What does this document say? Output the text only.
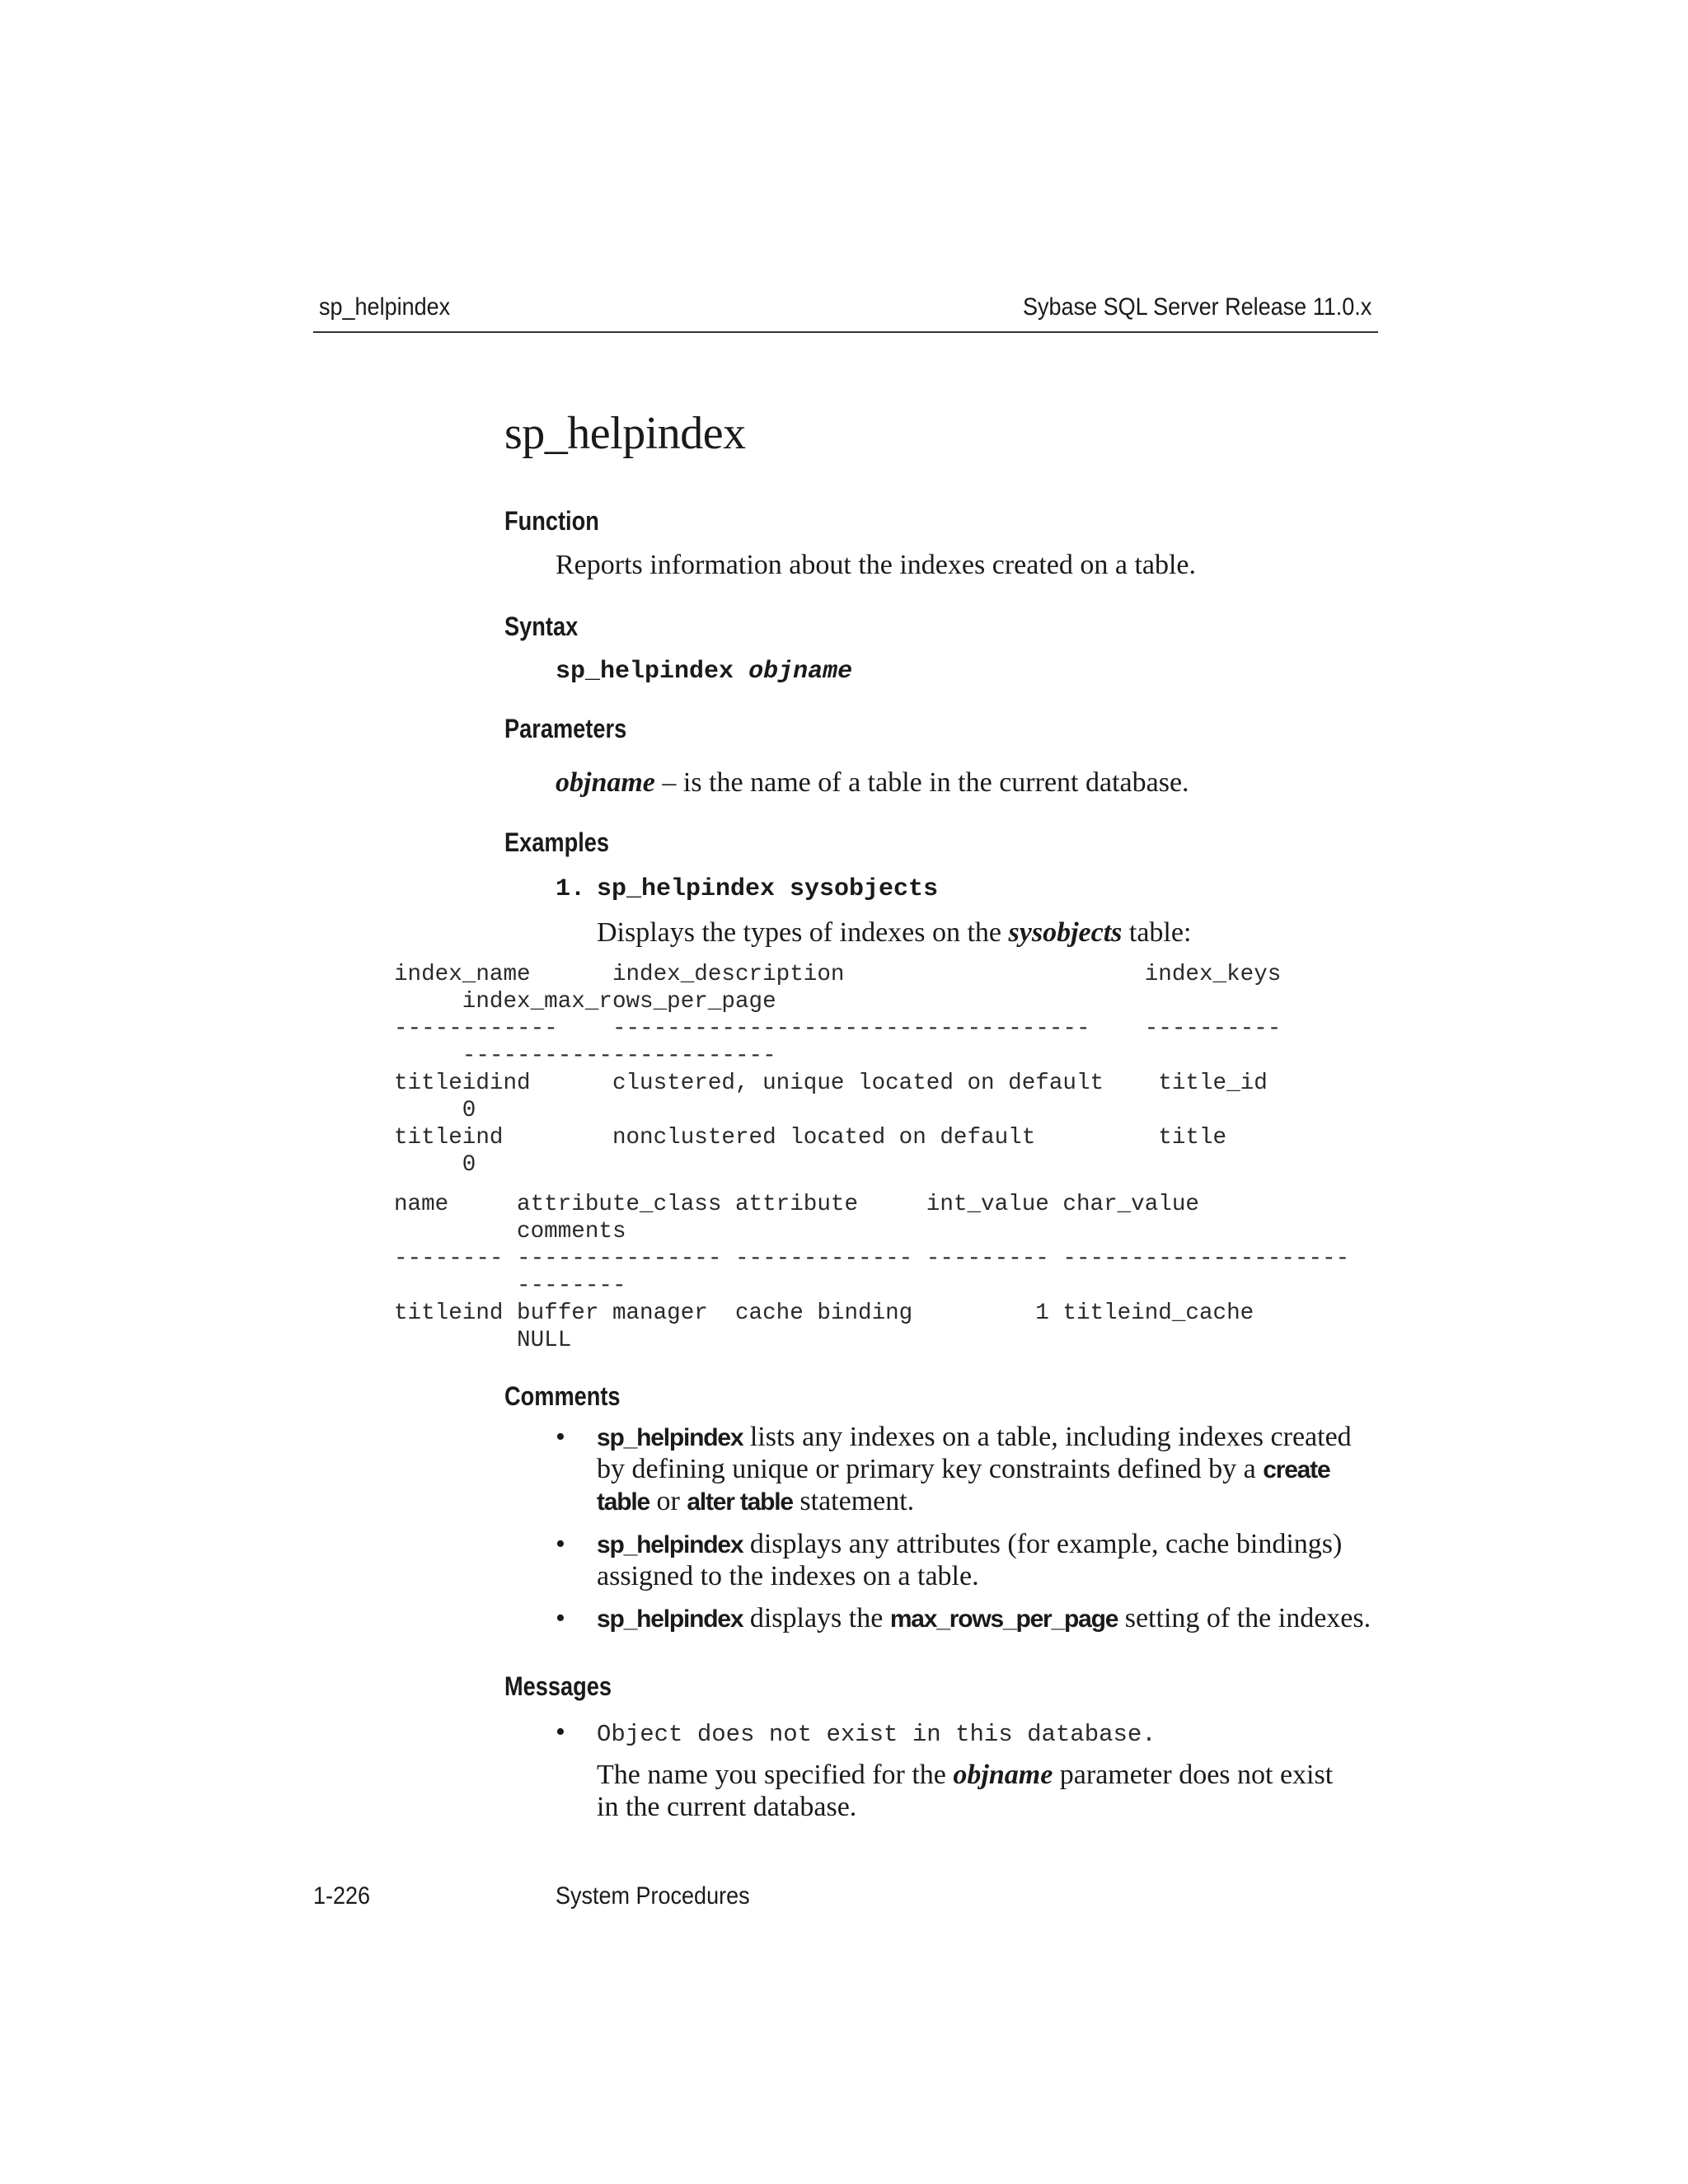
sp_helpindex	Sybase SQL Server Release 11.0.x
sp_helpindex
Function
Reports information about the indexes created on a table.
Syntax
sp_helpindex objname
Parameters
objname – is the name of a table in the current database.
Examples
1. sp_helpindex sysobjects
Displays the types of indexes on the sysobjects table:
index_name      index_description                      index_keys
index_max_rows_per_page
------------    -----------------------------------    ----------
-----------------------
titleidind      clustered, unique located on default    title_id
0
titleind        nonclustered located on default         title
0
name     attribute_class attribute     int_value char_value
comments
-------- --------------- ------------- --------- ---------------------
--------
titleind buffer manager  cache binding         1 titleind_cache
NULL
Comments
• sp_helpindex lists any indexes on a table, including indexes created
by defining unique or primary key constraints defined by a create
table or alter table statement.
• sp_helpindex displays any attributes (for example, cache bindings)
assigned to the indexes on a table.
• sp_helpindex displays the max_rows_per_page setting of the indexes.
Messages
• Object does not exist in this database.
The name you specified for the objname parameter does not exist
in the current database.
1-226	System Procedures
